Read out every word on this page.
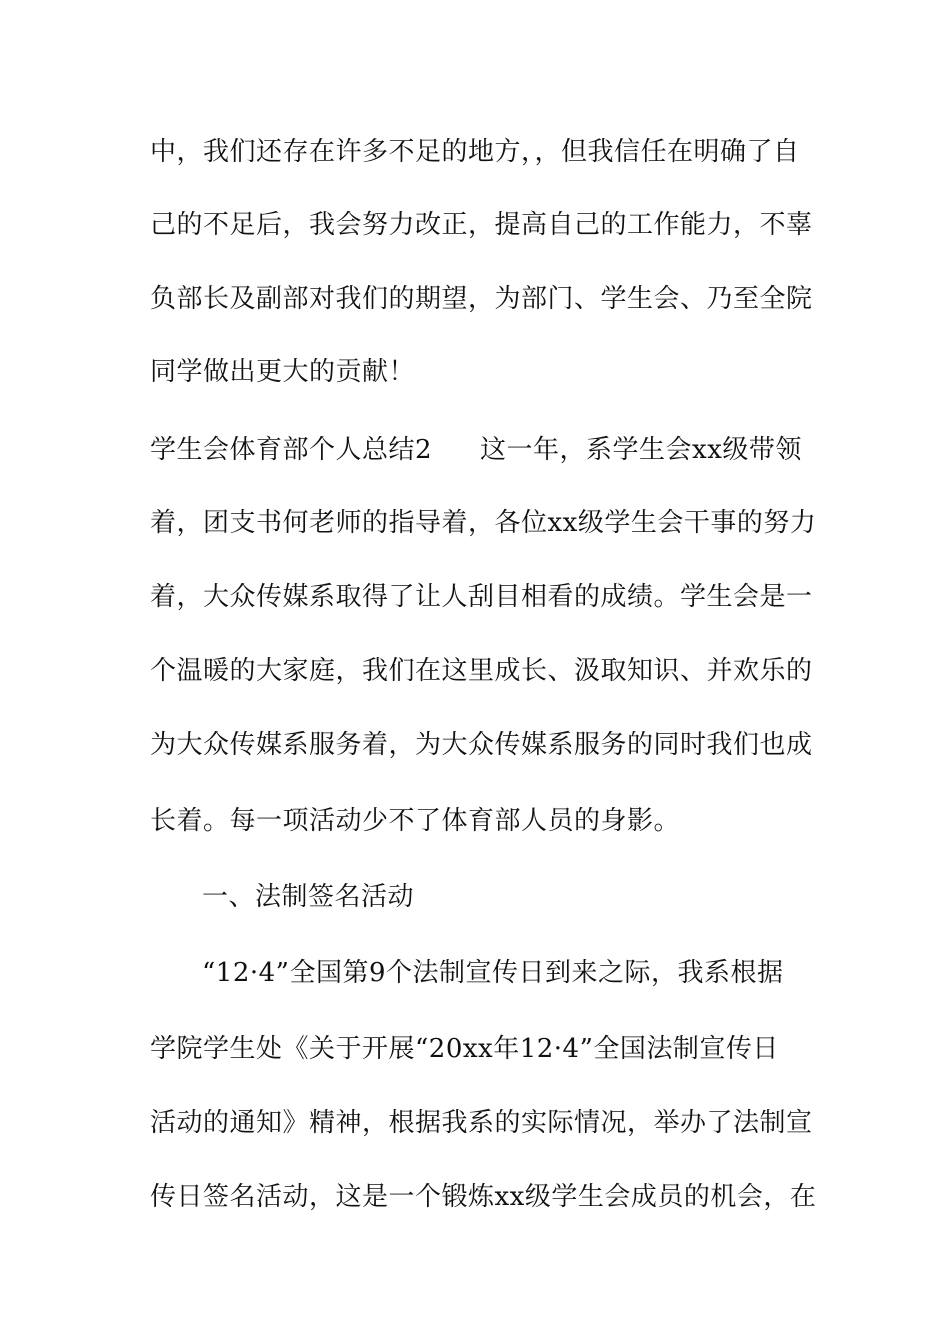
中，我们还存在许多不足的地方，，但我信任在明确了自
己的不足后，我会努力改正，提高自己的工作能力，不辜
负部长及副部对我们的期望，为部门、学生会、乃至全院
同学做出更大的贡献！
学生会体育部个人总结2 这一年，系学生会xx级带领
着，团支书何老师的指导着，各位xx级学生会干事的努力
着，大众传媒系取得了让人刮目相看的成绩。学生会是一
个温暖的大家庭，我们在这里成长、汲取知识、并欢乐的
为大众传媒系服务着，为大众传媒系服务的同时我们也成
长着。每一项活动少不了体育部人员的身影。
一、法制签名活动
“12·4”全国第9个法制宣传日到来之际，我系根据
学院学生处《关于开展“20xx年12·4”全国法制宣传日
活动的通知》精神，根据我系的实际情况，举办了法制宣
传日签名活动，这是一个锻炼xx级学生会成员的机会，在
